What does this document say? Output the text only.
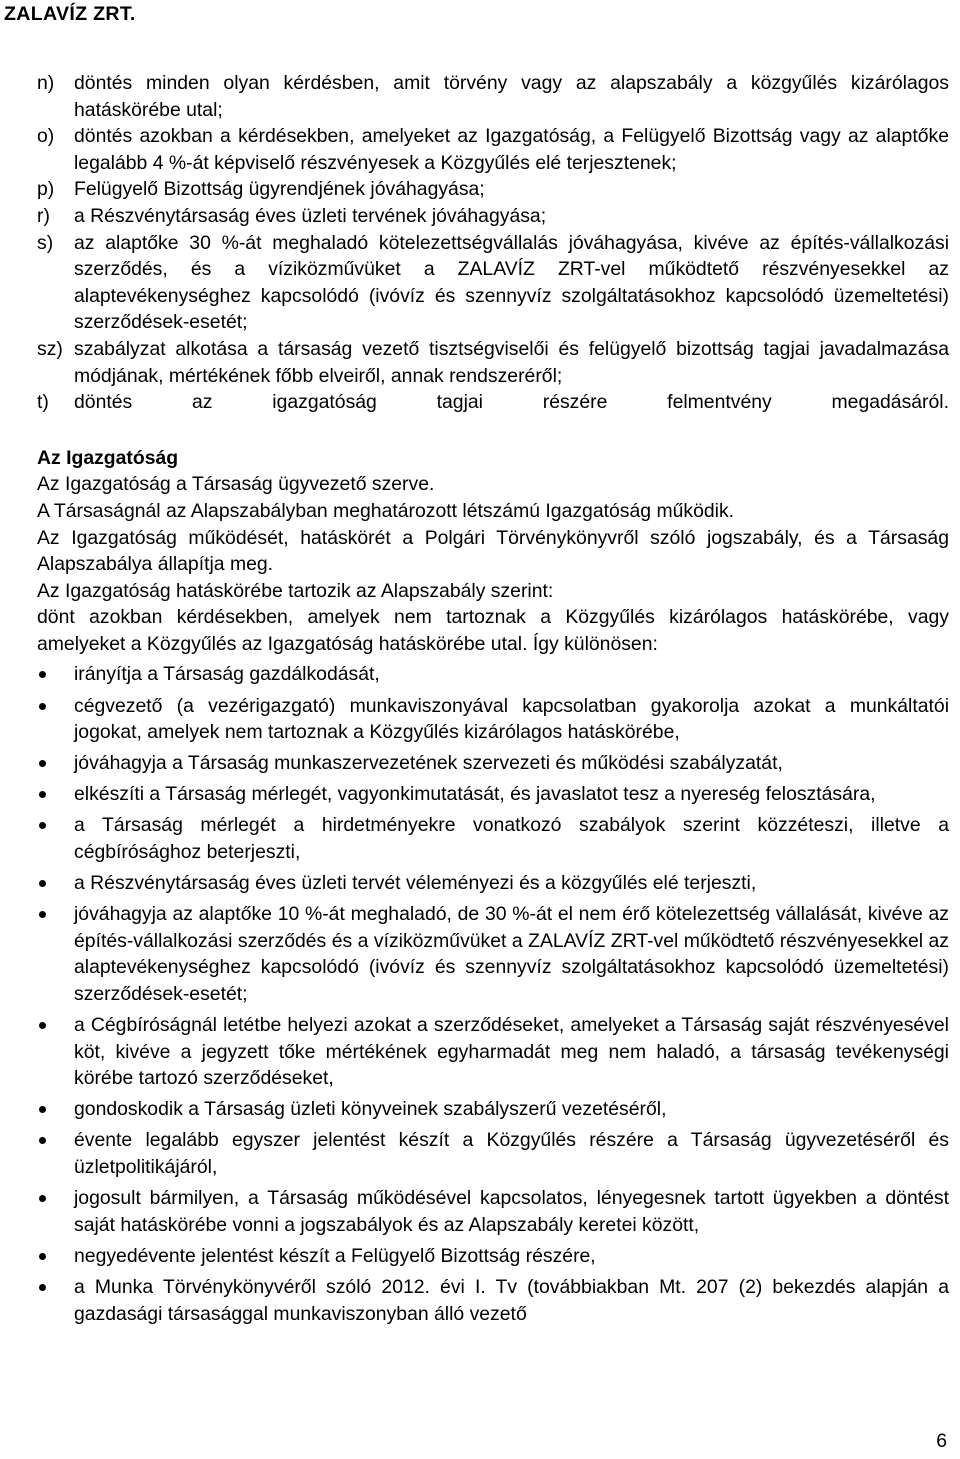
ZALAVÍZ ZRT.
n)	döntés minden olyan kérdésben, amit törvény vagy az alapszabály a közgyűlés kizárólagos hatáskörébe utal;
o)	döntés azokban a kérdésekben, amelyeket az Igazgatóság, a Felügyelő Bizottság vagy az alaptőke legalább 4 %-át képviselő részvényesek a Közgyűlés elé terjesztenek;
p)	Felügyelő Bizottság ügyrendjének jóváhagyása;
r)	a Részvénytársaság éves üzleti tervének jóváhagyása;
s)	az alaptőke 30 %-át meghaladó kötelezettségvállalás jóváhagyása, kivéve az építés-vállalkozási szerződés, és a víziközművüket a ZALAVÍZ ZRT-vel működtető részvényesekkel az alaptevékenységhez kapcsolódó (ivóvíz és szennyvíz szolgáltatásokhoz kapcsolódó üzemeltetési) szerződések-esetét;
sz) szabályzat alkotása a társaság vezető tisztségviselői és felügyelő bizottság tagjai javadalmazása módjának, mértékének főbb elveiről, annak rendszeréről;
t)	döntés az igazgatóság tagjai részére felmentvény megadásáról.
Az Igazgatóság
Az Igazgatóság a Társaság ügyvezető szerve.
A Társaságnál az Alapszabályban meghatározott létszámú Igazgatóság működik.
Az Igazgatóság működését, hatáskörét a Polgári Törvénykönyvről szóló jogszabály, és a Társaság Alapszabálya állapítja meg.
Az Igazgatóság hatáskörébe tartozik az Alapszabály szerint:
dönt azokban kérdésekben, amelyek nem tartoznak a Közgyűlés kizárólagos hatáskörébe, vagy amelyeket a Közgyűlés az Igazgatóság hatáskörébe utal. Így különösen:
irányítja a Társaság gazdálkodását,
cégvezető (a vezérigazgató) munkaviszonyával kapcsolatban gyakorolja azokat a munkáltatói jogokat, amelyek nem tartoznak a Közgyűlés kizárólagos hatáskörébe,
jóváhagyja a Társaság munkaszervezetének szervezeti és működési szabályzatát,
elkészíti a Társaság mérlegét, vagyonkimutatását, és javaslatot tesz a nyereség felosztására,
a Társaság mérlegét a hirdetményekre vonatkozó szabályok szerint közzéteszi, illetve a cégbírósághoz beterjeszti,
a Részvénytársaság éves üzleti tervét véleményezi és a közgyűlés elé terjeszti,
jóváhagyja az alaptőke 10 %-át meghaladó, de 30 %-át el nem érő kötelezettség vállalását, kivéve az építés-vállalkozási szerződés és a víziközművüket a ZALAVÍZ ZRT-vel működtető részvényesekkel az alaptevékenységhez kapcsolódó (ivóvíz és szennyvíz szolgáltatásokhoz kapcsolódó üzemeltetési) szerződések-esetét;
a Cégbíróságnál letétbe helyezi azokat a szerződéseket, amelyeket a Társaság saját részvényesével köt, kivéve a jegyzett tőke mértékének egyharmadát meg nem haladó, a társaság tevékenységi körébe tartozó szerződéseket,
gondoskodik a Társaság üzleti könyveinek szabályszerű vezetéséről,
évente legalább egyszer jelentést készít a Közgyűlés részére a Társaság ügyvezetéséről és üzletpolitikájáról,
jogosult bármilyen, a Társaság működésével kapcsolatos, lényegesnek tartott ügyekben a döntést saját hatáskörébe vonni a jogszabályok és az Alapszabály keretei között,
negyedévente jelentést készít a Felügyelő Bizottság részére,
a Munka Törvénykönyvéről szóló 2012. évi I. Tv (továbbiakban Mt. 207 (2) bekezdés alapján a gazdasági társasággal munkaviszonyban álló vezető
6
